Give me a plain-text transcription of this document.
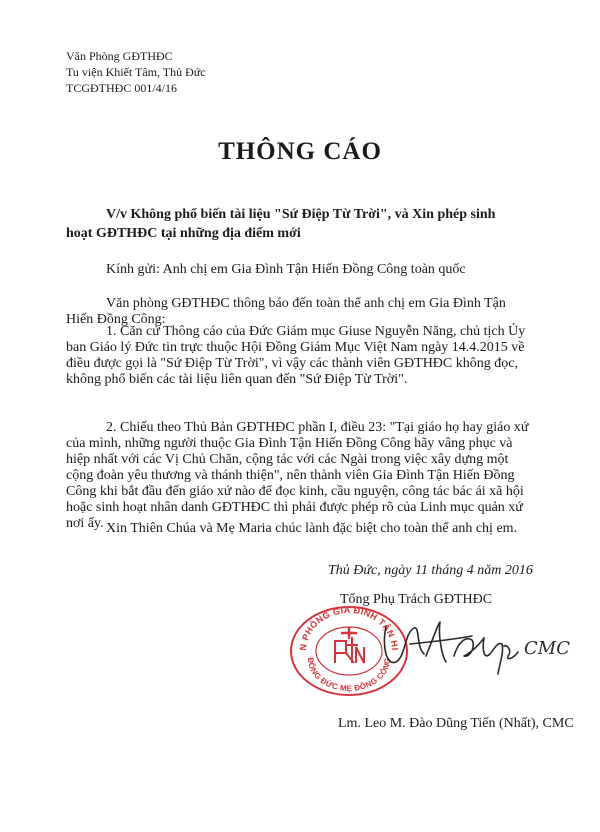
Văn Phòng GĐTHĐC
Tu viện Khiết Tâm, Thủ Đức
TCGĐTHĐC 001/4/16
THÔNG CÁO
V/v Không phổ biến tài liệu "Sứ Điệp Từ Trời", và Xin phép sinh
hoạt GĐTHĐC tại những địa điểm mới
Kính gửi: Anh chị em Gia Đình Tận Hiến Đồng Công toàn quốc
Văn phòng GĐTHĐC thông báo đến toàn thể anh chị em Gia Đình Tận
Hiến Đồng Công:
1. Căn cứ Thông cáo của Đức Giám mục Giuse Nguyễn Năng, chủ tịch Ủy
ban Giáo lý Đức tin trực thuộc Hội Đồng Giám Mục Việt Nam ngày 14.4.2015 về
điều được gọi là "Sứ Điệp Từ Trời", vì vậy các thành viên GĐTHĐC không đọc,
không phổ biến các tài liệu liên quan đến "Sứ Điệp Từ Trời".
2. Chiếu theo Thủ Bản GĐTHĐC phần I, điều 23: "Tại giáo họ hay giáo xứ
của mình, những người thuộc Gia Đình Tận Hiến Đồng Công hãy vâng phục và
hiệp nhất với các Vị Chủ Chăn, cộng tác với các Ngài trong việc xây dựng một
cộng đoàn yêu thương và thánh thiện", nên thành viên Gia Đình Tận Hiến Đồng
Công khi bắt đầu đến giáo xứ nào để đọc kinh, cầu nguyện, công tác bác ái xã hội
hoặc sinh hoạt nhân danh GĐTHĐC thì phải được phép rõ của Linh mục quản xứ
nơi ấy. Xin Thiên Chúa và Mẹ Maria chúc lành đặc biệt cho toàn thể anh chị em.
Thủ Đức, ngày 11 tháng 4 năm 2016
Tổng Phụ Trách GĐTHĐC
N PHÒNG GIA ĐÌNH TẬN HI
ĐỒNG ĐỨC MẸ ĐỒNG CÔNG
CMC.
Lm. Leo M. Đào Dũng Tiến (Nhất), CMC
